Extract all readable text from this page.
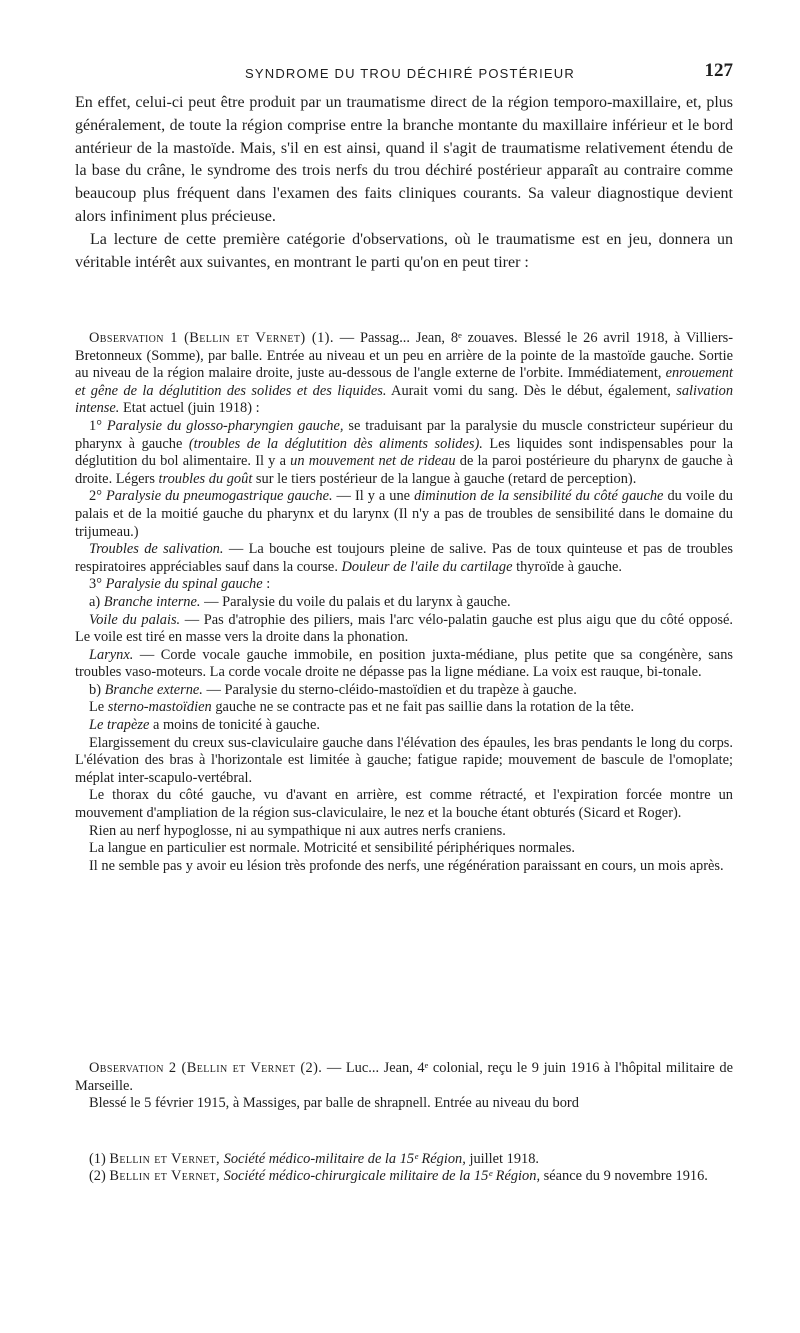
SYNDROME DU TROU DÉCHIRÉ POSTÉRIEUR	127

En effet, celui-ci peut être produit par un traumatisme direct de la région temporo-maxillaire, et, plus généralement, de toute la région comprise entre la branche montante du maxillaire inférieur et le bord antérieur de la mastoïde. Mais, s'il en est ainsi, quand il s'agit de traumatisme relativement étendu de la base du crâne, le syndrome des trois nerfs du trou déchiré postérieur apparaît au contraire comme beaucoup plus fréquent dans l'examen des faits cliniques courants. Sa valeur diagnostique devient alors infiniment plus précieuse.

La lecture de cette première catégorie d'observations, où le traumatisme est en jeu, donnera un véritable intérêt aux suivantes, en montrant le parti qu'on en peut tirer :

Observation 1 (Bellin et Vernet) (1). — Passag... Jean, 8ᵉ zouaves. Blessé le 26 avril 1918, à Villiers-Bretonneux (Somme), par balle. Entrée au niveau et un peu en arrière de la pointe de la mastoïde gauche. Sortie au niveau de la région malaire droite, juste au-dessous de l'angle externe de l'orbite. Immédiatement, enrouement et gêne de la déglutition des solides et des liquides. Aurait vomi du sang. Dès le début, également, salivation intense. Etat actuel (juin 1918) :

1° Paralysie du glosso-pharyngien gauche, se traduisant par la paralysie du muscle constricteur supérieur du pharynx à gauche (troubles de la déglutition dès aliments solides). Les liquides sont indispensables pour la déglutition du bol alimentaire. Il y a un mouvement net de rideau de la paroi postérieure du pharynx de gauche à droite. Légers troubles du goût sur le tiers postérieur de la langue à gauche (retard de perception).

2° Paralysie du pneumogastrique gauche. — Il y a une diminution de la sensibilité du côté gauche du voile du palais et de la moitié gauche du pharynx et du larynx (Il n'y a pas de troubles de sensibilité dans le domaine du trijumeau.)

Troubles de salivation. — La bouche est toujours pleine de salive. Pas de toux quinteuse et pas de troubles respiratoires appréciables sauf dans la course. Douleur de l'aile du cartilage thyroïde à gauche.

3° Paralysie du spinal gauche :

a) Branche interne. — Paralysie du voile du palais et du larynx à gauche.

Voile du palais. — Pas d'atrophie des piliers, mais l'arc vélo-palatin gauche est plus aigu que du côté opposé. Le voile est tiré en masse vers la droite dans la phonation.

Larynx. — Corde vocale gauche immobile, en position juxta-médiane, plus petite que sa congénère, sans troubles vaso-moteurs. La corde vocale droite ne dépasse pas la ligne médiane. La voix est rauque, bi-tonale.

b) Branche externe. — Paralysie du sterno-cléido-mastoïdien et du trapèze à gauche.

Le sterno-mastoïdien gauche ne se contracte pas et ne fait pas saillie dans la rotation de la tête.

Le trapèze a moins de tonicité à gauche.

Elargissement du creux sus-claviculaire gauche dans l'élévation des épaules, les bras pendants le long du corps. L'élévation des bras à l'horizontale est limitée à gauche; fatigue rapide; mouvement de bascule de l'omoplate; méplat inter-scapulo-vertébral.

Le thorax du côté gauche, vu d'avant en arrière, est comme rétracté, et l'expiration forcée montre un mouvement d'ampliation de la région sus-claviculaire, le nez et la bouche étant obturés (Sicard et Roger).

Rien au nerf hypoglosse, ni au sympathique ni aux autres nerfs craniens.

La langue en particulier est normale. Motricité et sensibilité périphériques normales.

Il ne semble pas y avoir eu lésion très profonde des nerfs, une régénération paraissant en cours, un mois après.

Observation 2 (Bellin et Vernet (2). — Luc... Jean, 4ᵉ colonial, reçu le 9 juin 1916 à l'hôpital militaire de Marseille.

Blessé le 5 février 1915, à Massiges, par balle de shrapnell. Entrée au niveau du bord

(1) Bellin et Vernet, Société médico-militaire de la 15ᵉ Région, juillet 1918.

(2) Bellin et Vernet, Société médico-chirurgicale militaire de la 15ᵉ Région, séance du 9 novembre 1916.
